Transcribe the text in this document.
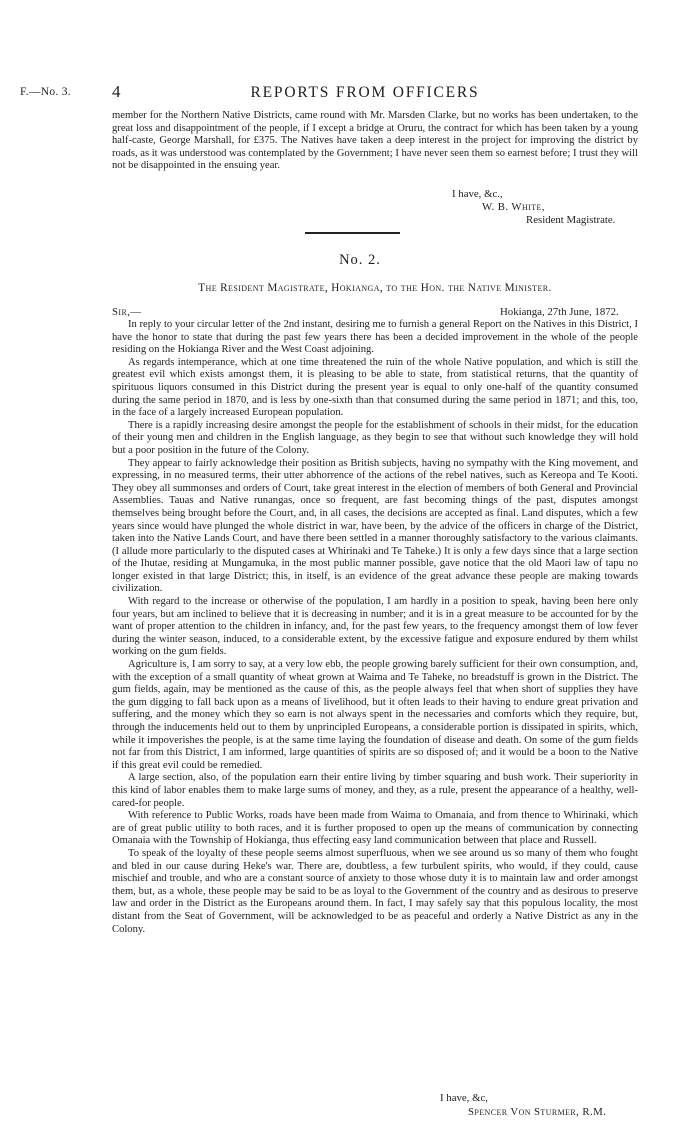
F.—No. 3. 4	REPORTS FROM OFFICERS

member for the Northern Native Districts, came round with Mr. Marsden Clarke, but no works has been undertaken, to the great loss and disappointment of the people, if I except a bridge at Oruru, the contract for which has been taken by a young half-caste, George Marshall, for £375. The Natives have taken a deep interest in the project for improving the district by roads, as it was understood was contemplated by the Government; I have never seen them so earnest before; I trust they will not be disappointed in the ensuing year.

I have, &c.,
W. B. White,
Resident Magistrate.
No. 2.
The Resident Magistrate, Hokianga, to the Hon. the Native Minister.
Sir,—	Hokianga, 27th June, 1872.

In reply to your circular letter of the 2nd instant, desiring me to furnish a general Report on the Natives in this District, I have the honor to state that during the past few years there has been a decided improvement in the whole of the people residing on the Hokianga River and the West Coast adjoining.

As regards intemperance, which at one time threatened the ruin of the whole Native population, and which is still the greatest evil which exists amongst them, it is pleasing to be able to state, from statistical returns, that the quantity of spirituous liquors consumed in this District during the present year is equal to only one-half of the quantity consumed during the same period in 1870, and is less by one-sixth than that consumed during the same period in 1871; and this, too, in the face of a largely increased European population.

There is a rapidly increasing desire amongst the people for the establishment of schools in their midst, for the education of their young men and children in the English language, as they begin to see that without such knowledge they will hold but a poor position in the future of the Colony.

They appear to fairly acknowledge their position as British subjects, having no sympathy with the King movement, and expressing, in no measured terms, their utter abhorrence of the actions of the rebel natives, such as Kereopa and Te Kooti. They obey all summonses and orders of Court, take great interest in the election of members of both General and Provincial Assemblies. Tauas and Native runangas, once so frequent, are fast becoming things of the past, disputes amongst themselves being brought before the Court, and, in all cases, the decisions are accepted as final. Land disputes, which a few years since would have plunged the whole district in war, have been, by the advice of the officers in charge of the District, taken into the Native Lands Court, and have there been settled in a manner thoroughly satisfactory to the various claimants. (I allude more particularly to the disputed cases at Whirinaki and Te Taheke.) It is only a few days since that a large section of the Ihutae, residing at Mungamuka, in the most public manner possible, gave notice that the old Maori law of tapu no longer existed in that large District; this, in itself, is an evidence of the great advance these people are making towards civilization.

With regard to the increase or otherwise of the population, I am hardly in a position to speak, having been here only four years, but am inclined to believe that it is decreasing in number; and it is in a great measure to be accounted for by the want of proper attention to the children in infancy, and, for the past few years, to the frequency amongst them of low fever during the winter season, induced, to a considerable extent, by the excessive fatigue and exposure endured by them whilst working on the gum fields.

Agriculture is, I am sorry to say, at a very low ebb, the people growing barely sufficient for their own consumption, and, with the exception of a small quantity of wheat grown at Waima and Te Taheke, no breadstuff is grown in the District. The gum fields, again, may be mentioned as the cause of this, as the people always feel that when short of supplies they have the gum digging to fall back upon as a means of livelihood, but it often leads to their having to endure great privation and suffering, and the money which they so earn is not always spent in the necessaries and comforts which they require, but, through the inducements held out to them by unprincipled Europeans, a considerable portion is dissipated in spirits, which, while it impoverishes the people, is at the same time laying the foundation of disease and death. On some of the gum fields not far from this District, I am informed, large quantities of spirits are so disposed of; and it would be a boon to the Native if this great evil could be remedied.

A large section, also, of the population earn their entire living by timber squaring and bush work. Their superiority in this kind of labor enables them to make large sums of money, and they, as a rule, present the appearance of a healthy, well-cared-for people.

With reference to Public Works, roads have been made from Waima to Omanaia, and from thence to Whirinaki, which are of great public utility to both races, and it is further proposed to open up the means of communication by connecting Omanaia with the Township of Hokianga, thus effecting easy land communication between that place and Russell.

To speak of the loyalty of these people seems almost superfluous, when we see around us so many of them who fought and bled in our cause during Heke's war. There are, doubtless, a few turbulent spirits, who would, if they could, cause mischief and trouble, and who are a constant source of anxiety to those whose duty it is to maintain law and order amongst them, but, as a whole, these people may be said to be as loyal to the Government of the country and as desirous to preserve law and order in the District as the Europeans around them. In fact, I may safely say that this populous locality, the most distant from the Seat of Government, will be acknowledged to be as peaceful and orderly a Native District as any in the Colony.

I have, &c,
Spencer Von Sturmer, R.M.
